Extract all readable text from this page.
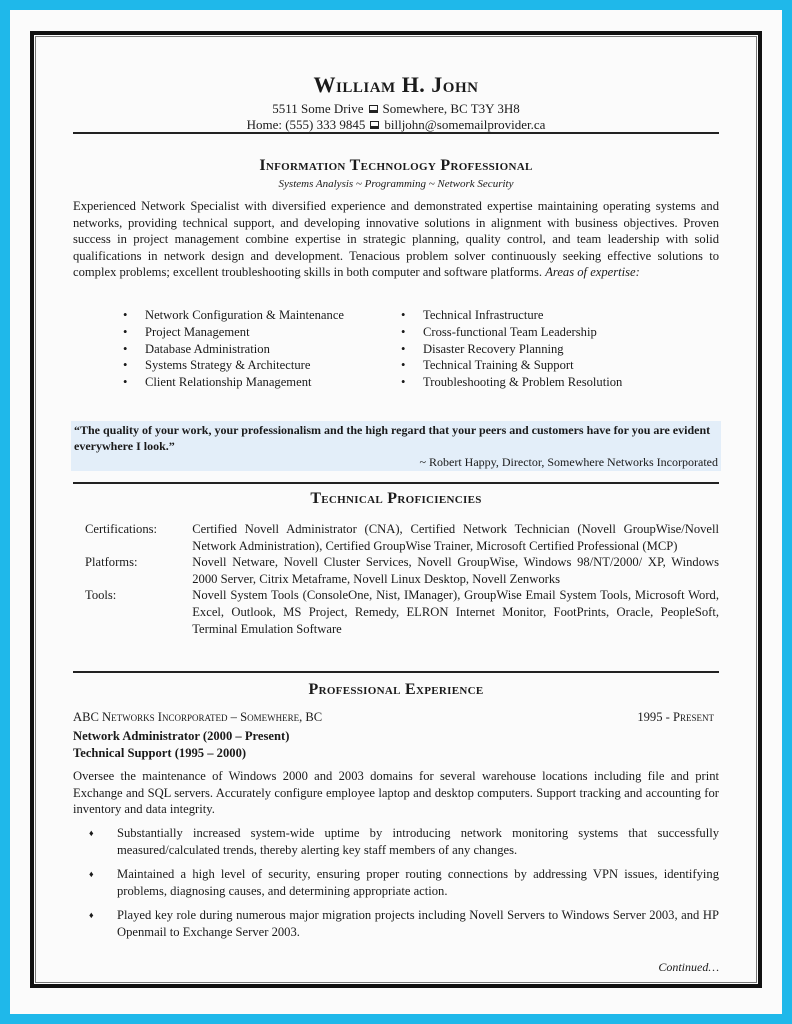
William H. John
5511 Some Drive Somewhere, BC T3Y 3H8
Home: (555) 333 9845 billjohn@somemailprovider.ca
Information Technology Professional
Systems Analysis ~ Programming ~ Network Security
Experienced Network Specialist with diversified experience and demonstrated expertise maintaining operating systems and networks, providing technical support, and developing innovative solutions in alignment with business objectives. Proven success in project management combine expertise in strategic planning, quality control, and team leadership with solid qualifications in network design and development. Tenacious problem solver continuously seeking effective solutions to complex problems; excellent troubleshooting skills in both computer and software platforms. Areas of expertise:
• Network Configuration & Maintenance
• Project Management
• Database Administration
• Systems Strategy & Architecture
• Client Relationship Management
• Technical Infrastructure
• Cross-functional Team Leadership
• Disaster Recovery Planning
• Technical Training & Support
• Troubleshooting & Problem Resolution
“The quality of your work, your professionalism and the high regard that your peers and customers have for you are evident everywhere I look.”
~ Robert Happy, Director, Somewhere Networks Incorporated
Technical Proficiencies
Certifications:	Certified Novell Administrator (CNA), Certified Network Technician (Novell GroupWise/Novell Network Administration), Certified GroupWise Trainer, Microsoft Certified Professional (MCP)
Platforms:	Novell Netware, Novell Cluster Services, Novell GroupWise, Windows 98/NT/2000/ XP, Windows 2000 Server, Citrix Metaframe, Novell Linux Desktop, Novell Zenworks
Tools:	Novell System Tools (ConsoleOne, Nist, IManager), GroupWise Email System Tools, Microsoft Word, Excel, Outlook, MS Project, Remedy, ELRON Internet Monitor, FootPrints, Oracle, PeopleSoft, Terminal Emulation Software
Professional Experience
ABC Networks Incorporated – Somewhere, BC	1995 - Present
Network Administrator (2000 – Present)
Technical Support (1995 – 2000)
Oversee the maintenance of Windows 2000 and 2003 domains for several warehouse locations including file and print Exchange and SQL servers. Accurately configure employee laptop and desktop computers. Support tracking and accounting for inventory and data integrity.
♦ Substantially increased system-wide uptime by introducing network monitoring systems that successfully measured/calculated trends, thereby alerting key staff members of any changes.
♦ Maintained a high level of security, ensuring proper routing connections by addressing VPN issues, identifying problems, diagnosing causes, and determining appropriate action.
♦ Played key role during numerous major migration projects including Novell Servers to Windows Server 2003, and HP Openmail to Exchange Server 2003.
Continued…
